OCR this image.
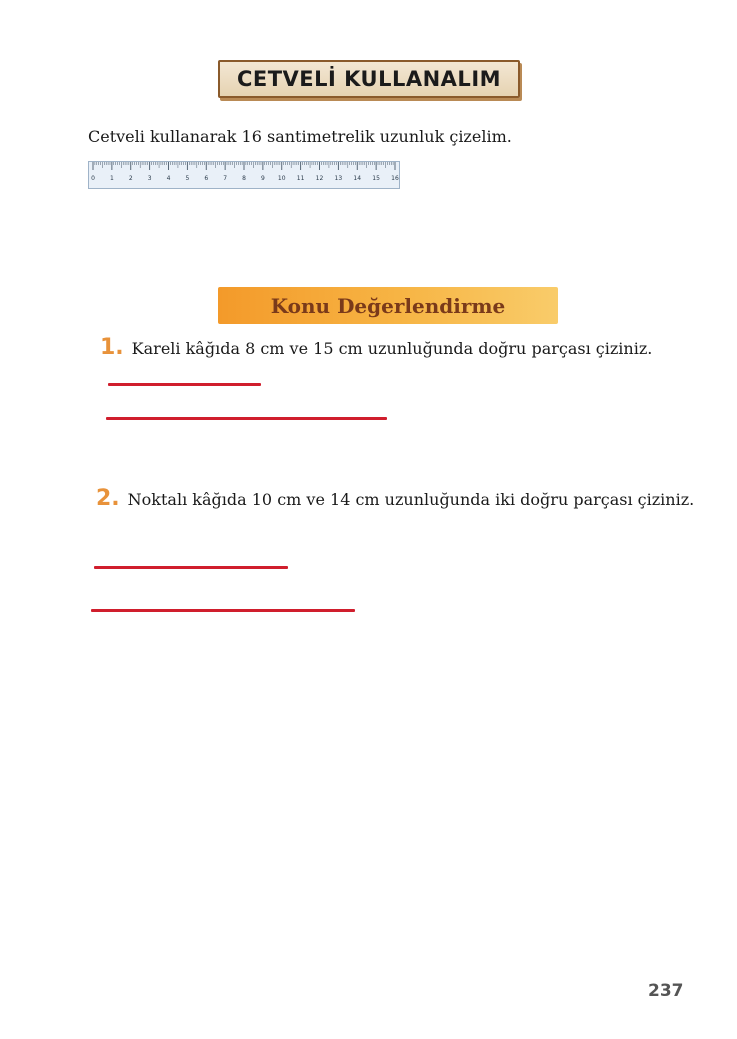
CETVELİ KULLANALIM
Cetveli kullanarak 16 santimetrelik uzunluk çizelim.
0	1	2	3	4	5	6	7	8	9 10 11 12 13 14 15 16
Konu Değerlendirme
1. Kareli kâğıda 8 cm ve 15 cm uzunluğunda doğru parçası çiziniz.
2. Noktalı kâğıda 10 cm ve 14 cm uzunluğunda iki doğru parçası çiziniz.
237
